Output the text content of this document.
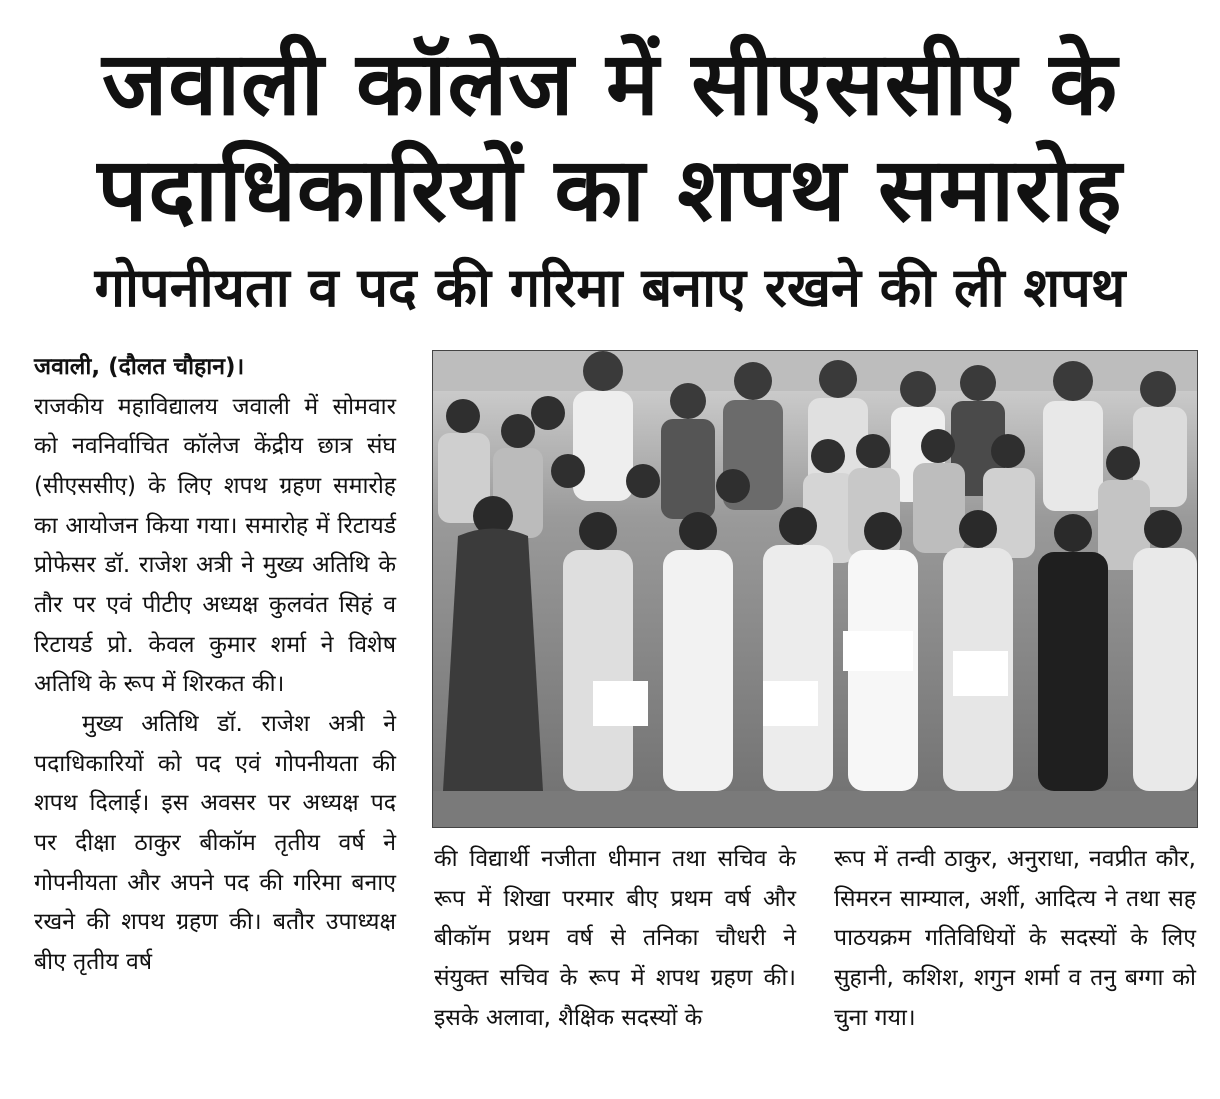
जवाली कॉलेज में सीएससीए के
पदाधिकारियों का शपथ समारोह
गोपनीयता व पद की गरिमा बनाए रखने की ली शपथ

जवाली, (दौलत चौहान)।

राजकीय महाविद्यालय जवाली में सोमवार को नवनिर्वाचित कॉलेज केंद्रीय छात्र संघ (सीएससीए) के लिए शपथ ग्रहण समारोह का आयोजन किया गया। समारोह में रिटायर्ड प्रोफेसर डॉ. राजेश अत्री ने मुख्य अतिथि के तौर पर एवं पीटीए अध्यक्ष कुलवंत सिहं व रिटायर्ड प्रो. केवल कुमार शर्मा ने विशेष अतिथि के रूप में शिरकत की।

मुख्य अतिथि डॉ. राजेश अत्री ने पदाधिकारियों को पद एवं गोपनीयता की शपथ दिलाई। इस अवसर पर अध्यक्ष पद पर दीक्षा ठाकुर बीकॉम तृतीय वर्ष ने गोपनीयता और अपने पद की गरिमा बनाए रखने की शपथ ग्रहण की। बतौर उपाध्यक्ष बीए तृतीय वर्ष

की विद्यार्थी नजीता धीमान तथा सचिव के रूप में शिखा परमार बीए प्रथम वर्ष और बीकॉम प्रथम वर्ष से तनिका चौधरी ने संयुक्त सचिव के रूप में शपथ ग्रहण की। इसके अलावा, शैक्षिक सदस्यों के

रूप में तन्वी ठाकुर, अनुराधा, नवप्रीत कौर, सिमरन साम्याल, अर्शी, आदित्य ने तथा सह पाठयक्रम गतिविधियों के सदस्यों के लिए सुहानी, कशिश, शगुन शर्मा व तनु बग्गा को चुना गया।
